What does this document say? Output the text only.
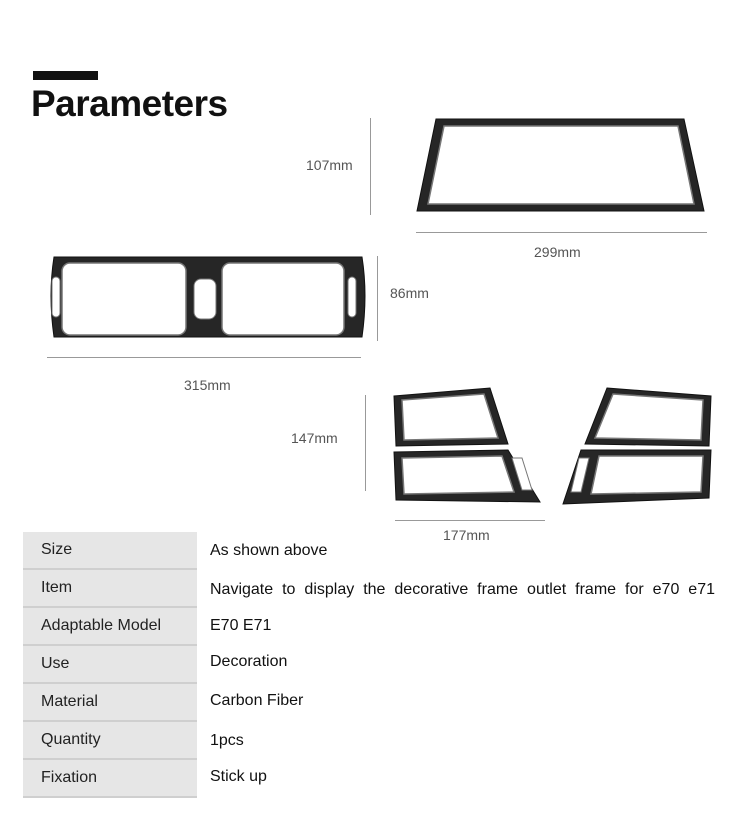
Parameters
107mm
299mm
86mm
315mm
147mm
177mm
Size	As shown above
Item	Navigate to display the decorative frame outlet frame for e70 e71
Adaptable Model	E70 E71
Use	Decoration
Material	Carbon Fiber
Quantity	1pcs
Fixation	Stick up
